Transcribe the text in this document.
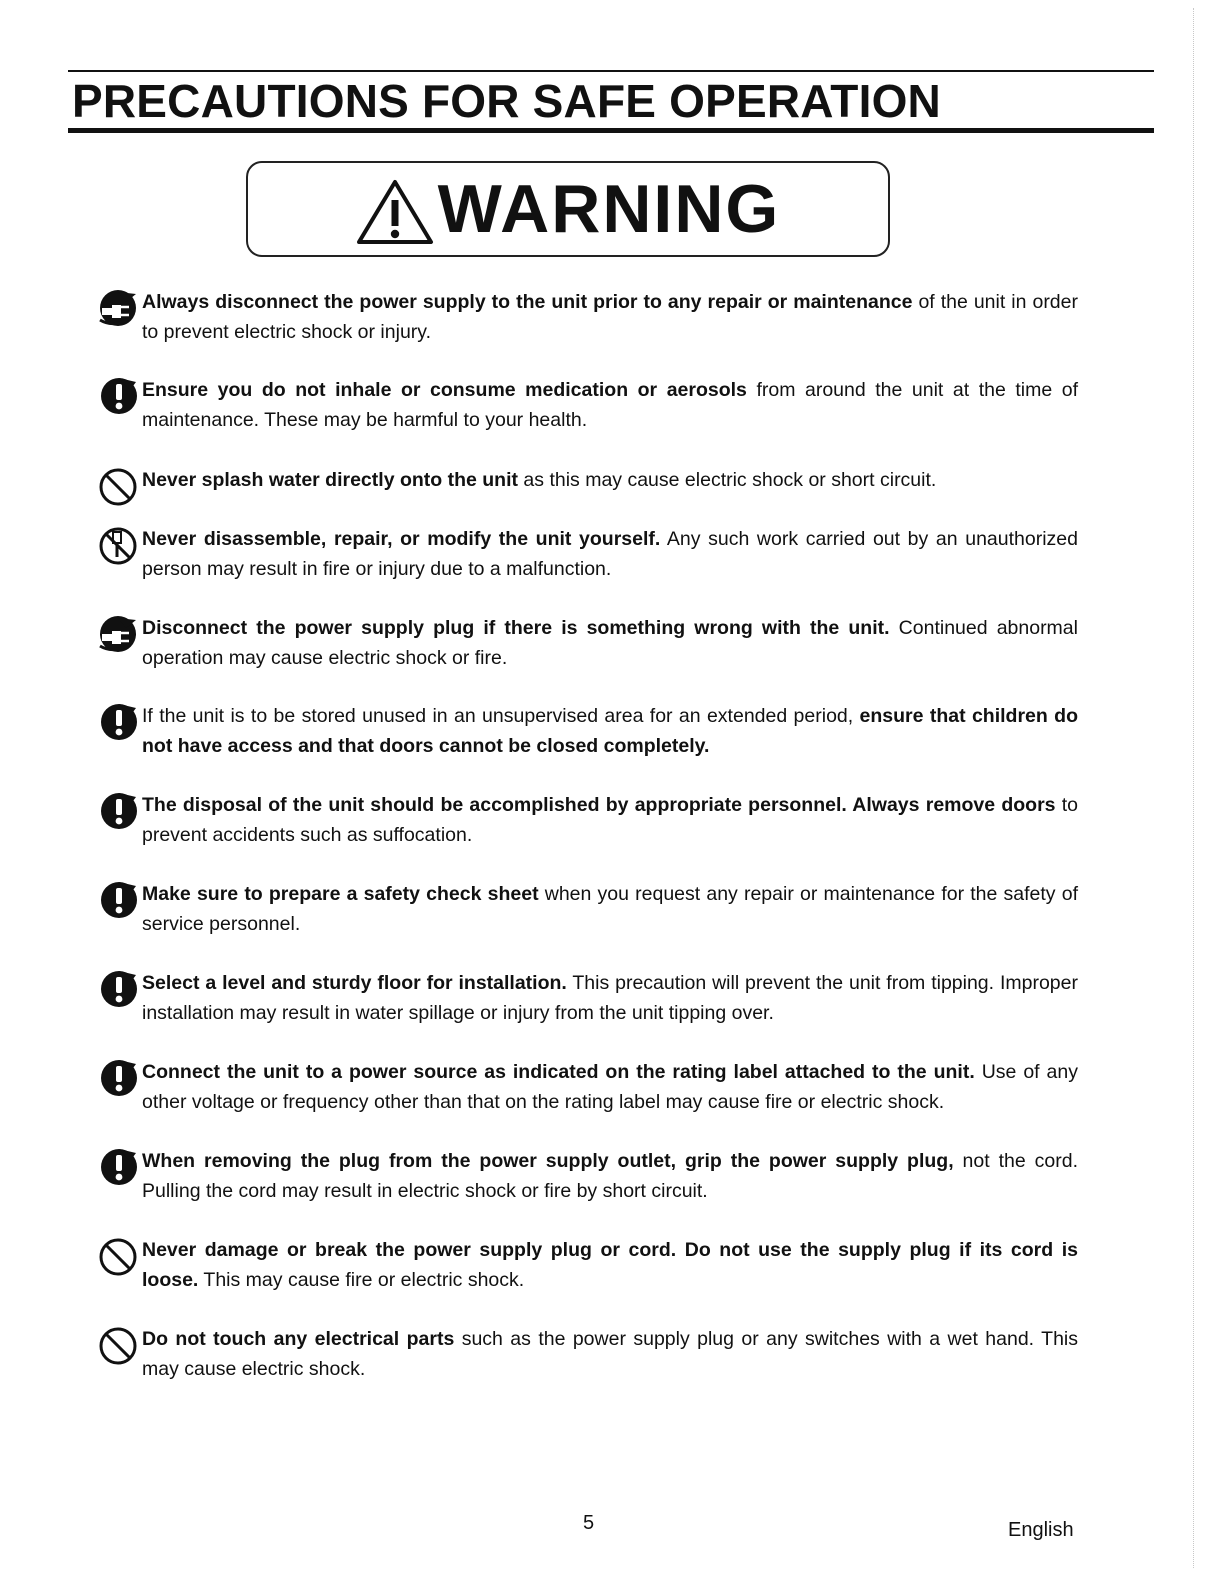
PRECAUTIONS FOR SAFE OPERATION
WARNING
Always disconnect the power supply to the unit prior to any repair or maintenance of the unit in order to prevent electric shock or injury.
Ensure you do not inhale or consume medication or aerosols from around the unit at the time of maintenance. These may be harmful to your health.
Never splash water directly onto the unit as this may cause electric shock or short circuit.
Never disassemble, repair, or modify the unit yourself. Any such work carried out by an unauthorized person may result in fire or injury due to a malfunction.
Disconnect the power supply plug if there is something wrong with the unit. Continued abnormal operation may cause electric shock or fire.
If the unit is to be stored unused in an unsupervised area for an extended period, ensure that children do not have access and that doors cannot be closed completely.
The disposal of the unit should be accomplished by appropriate personnel. Always remove doors to prevent accidents such as suffocation.
Make sure to prepare a safety check sheet when you request any repair or maintenance for the safety of service personnel.
Select a level and sturdy floor for installation. This precaution will prevent the unit from tipping. Improper installation may result in water spillage or injury from the unit tipping over.
Connect the unit to a power source as indicated on the rating label attached to the unit. Use of any other voltage or frequency other than that on the rating label may cause fire or electric shock.
When removing the plug from the power supply outlet, grip the power supply plug, not the cord. Pulling the cord may result in electric shock or fire by short circuit.
Never damage or break the power supply plug or cord. Do not use the supply plug if its cord is loose. This may cause fire or electric shock.
Do not touch any electrical parts such as the power supply plug or any switches with a wet hand. This may cause electric shock.
5	English
